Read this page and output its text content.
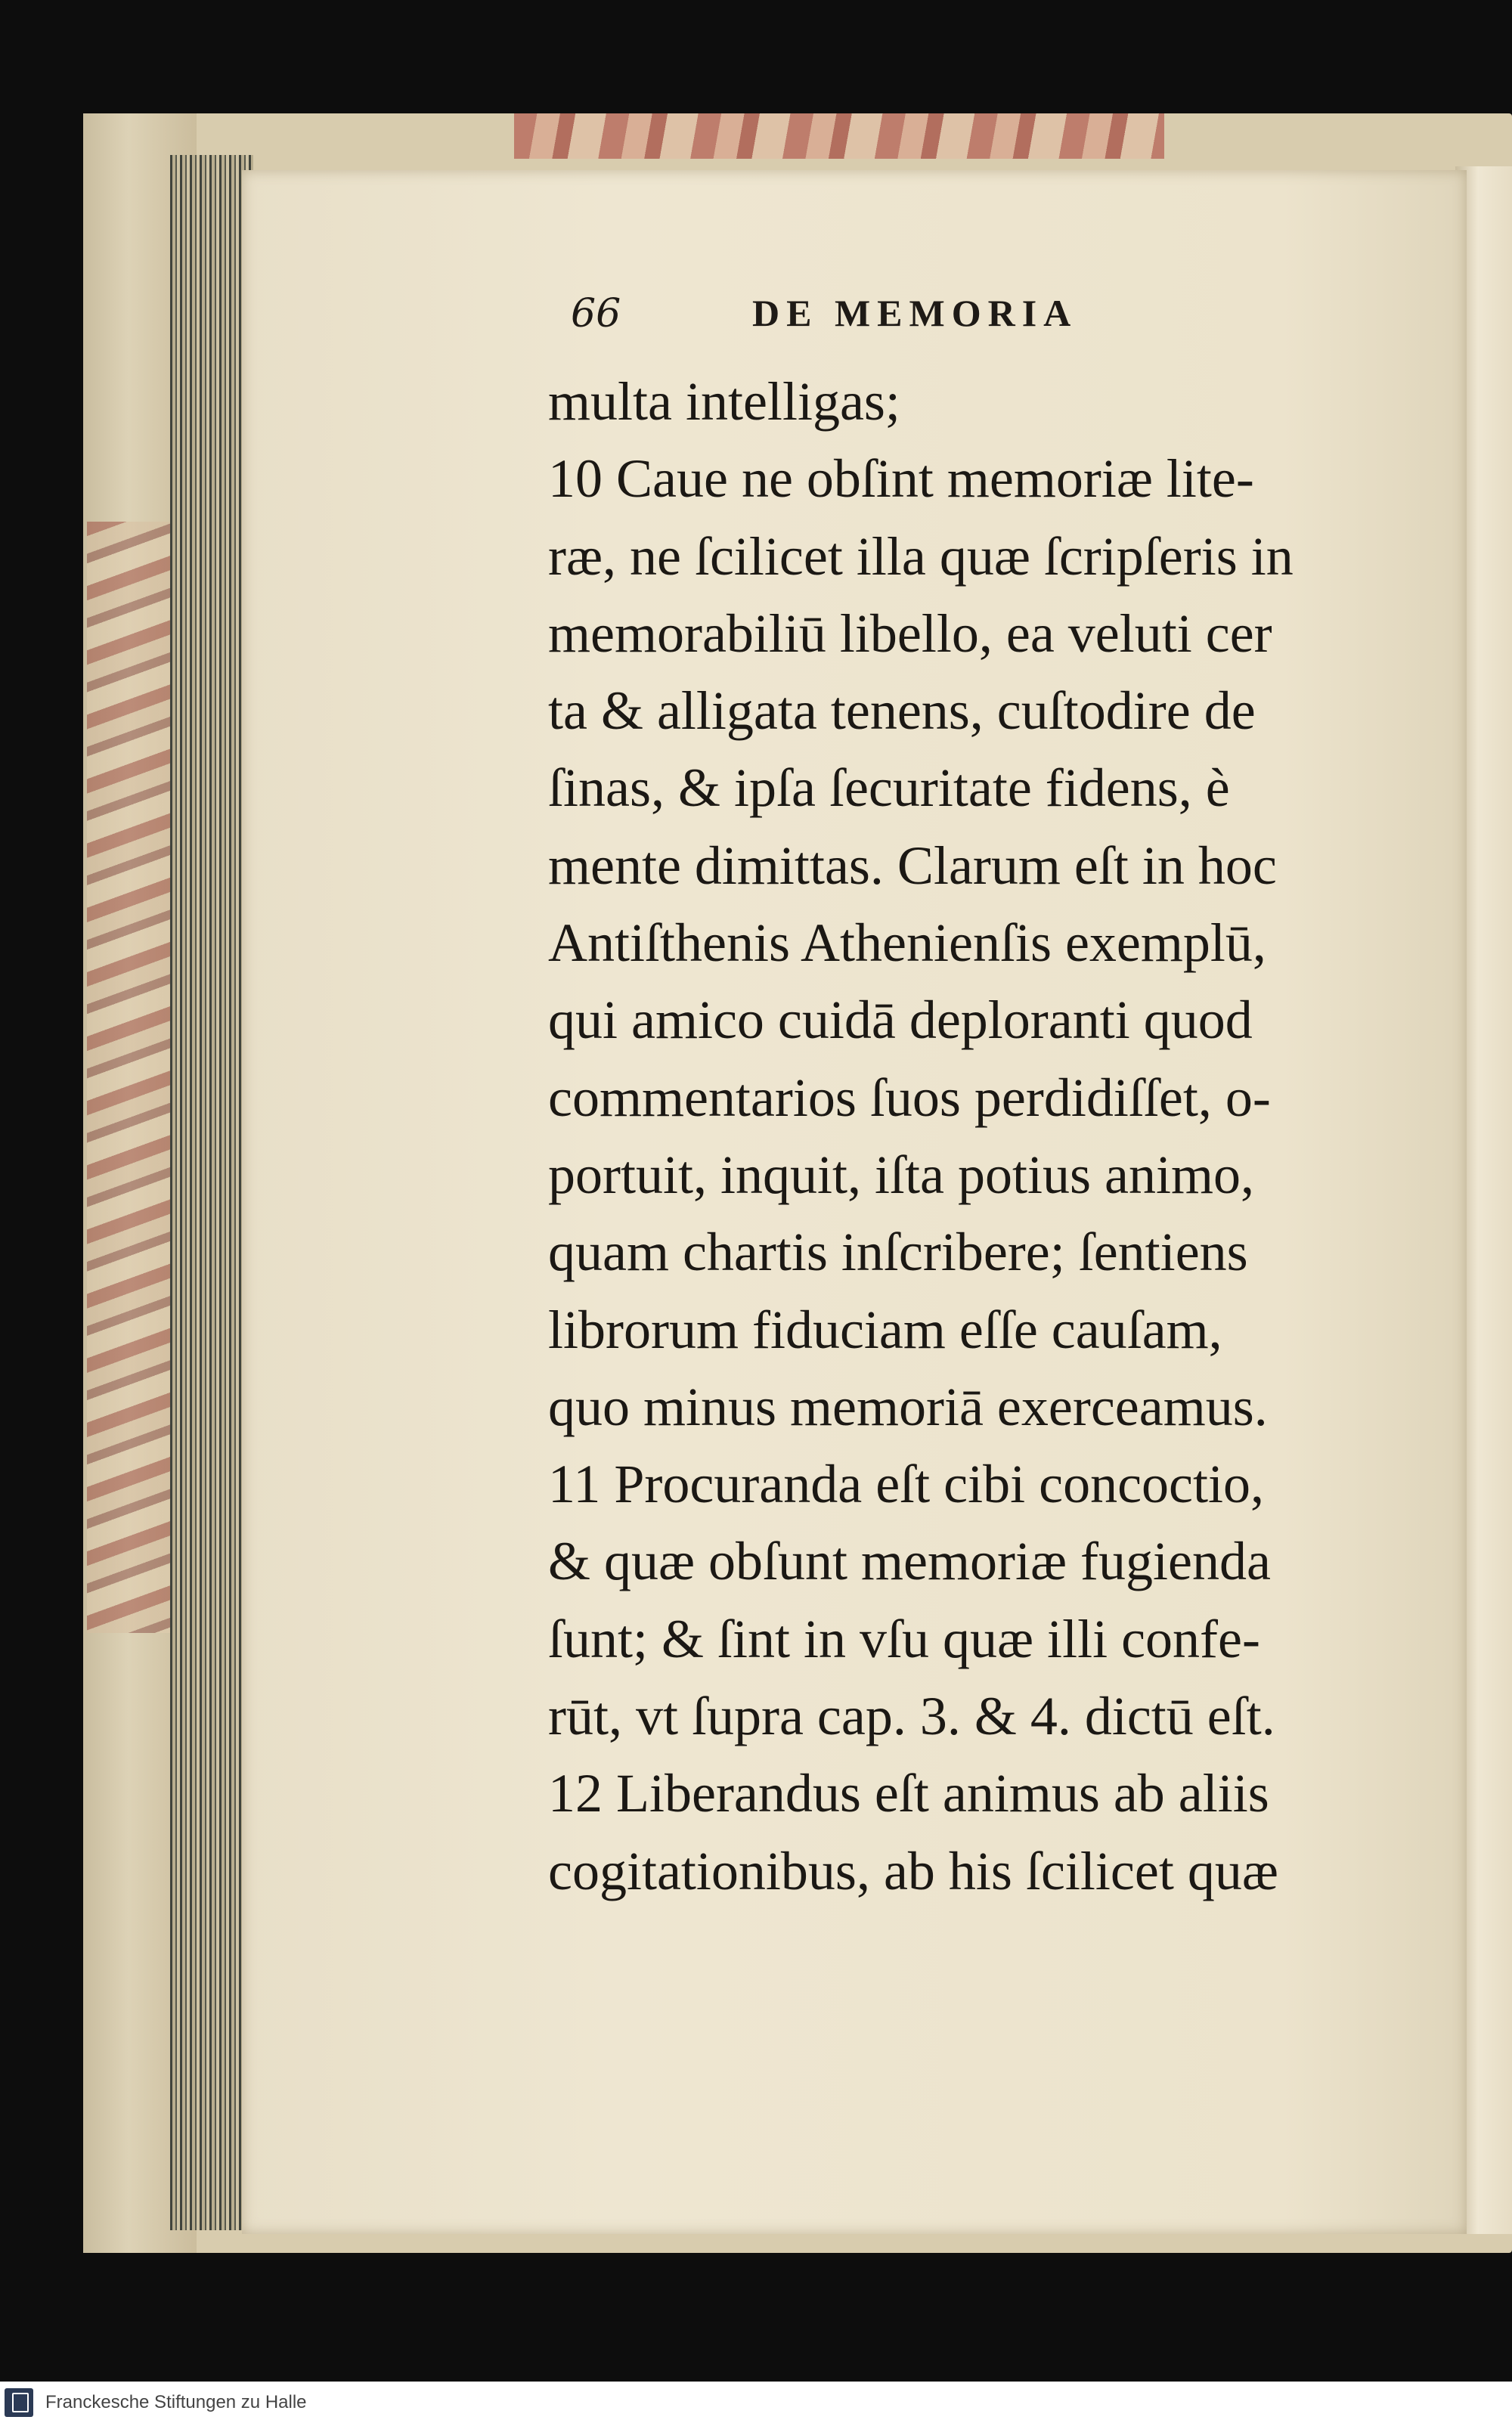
66	DE MEMORIA
multa intelligas;
10 Caue ne obſint memoriæ lite-
ræ, ne ſcilicet illa quæ ſcripſeris in
memorabiliū libello, ea veluti cer
ta & alligata tenens, cuſtodire de
ſinas, & ipſa ſecuritate fidens, è
mente dimittas. Clarum eſt in hoc
Antiſthenis Athenienſis exemplū,
qui amico cuidā deploranti quod
commentarios ſuos perdidiſſet, o-
portuit, inquit, iſta potius animo,
quam chartis inſcribere; ſentiens
librorum fiduciam eſſe cauſam,
quo minus memoriā exerceamus.
11 Procuranda eſt cibi concoctio,
& quæ obſunt memoriæ fugienda
ſunt; & ſint in vſu quæ illi confe-
rūt, vt ſupra cap. 3. & 4. dictū eſt.
12 Liberandus eſt animus ab aliis
cogitationibus, ab his ſcilicet quæ
Franckesche Stiftungen zu Halle
